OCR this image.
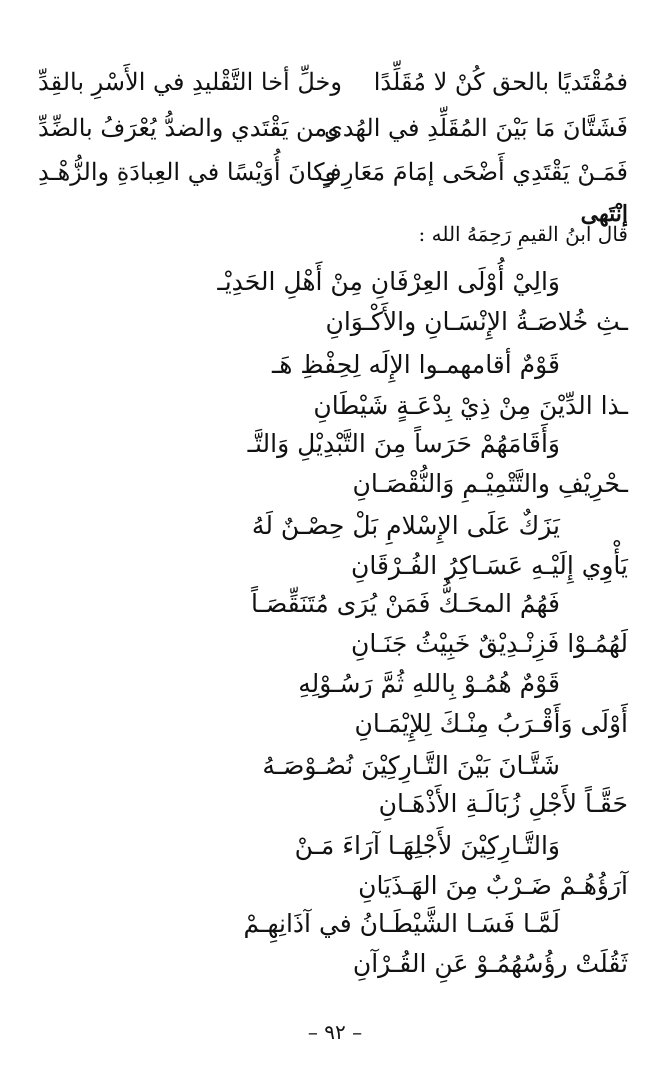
فمُقْتَديًا بالحق كُنْ لا مُقَلِّدًا
وخلِّ أخا التَّقْليدِ في الأَسْرِ بالقِدِّ
فَشَتَّانَ مَا بَيْنَ المُقَلِّدِ في الهُدى
ومن يَقْتَدي والضدُّ يُعْرَفُ بالضِّدِّ
فَمَـنْ يَقْتَدِي أَضْحَى إمَامَ مَعَارِفٍ
وكانَ أُوَيْسًا في العِبادَةِ والزُّهْـدِ
إنْتَهى
قال ابنُ القيمِ رَحِمَهُ الله :
وَالِيْ أُوْلَى العِرْفَانِ مِنْ أَهْلِ الحَدِيْـ
ـثِ خُلاصَـةُ الإِنْسَـانِ والأَكْـوَانِ
قَوْمٌ أقامهمـوا الإِلَه لِحِفْظِ هَـ
ـذا الدِّيْنَ مِنْ ذِيْ بِدْعَـةٍ شَيْطَانِ
وَأَقَامَهُمْ حَرَساً مِنَ التَّبْدِيْلِ وَالتَّـ
ـحْرِيْفِ والتَّتْمِيْـمِ وَالنُّقْصَـانِ
يَزَكٌ عَلَى الإِسْلامِ بَلْ حِصْـنٌ لَهُ
يَأْوِي إِلَيْـهِ عَسَـاكِرُ الفُـرْقَانِ
فَهُمُ المحَـكُّ فَمَنْ يُرَى مُتَنَقِّصَـاً
لَهُمُـوْا فَزِنْـدِيْقٌ خَبِيْثُ جَنَـانِ
قَوْمٌ هُمُـوْ بِاللهِ ثُمَّ رَسُـوْلِهِ
أَوْلَى وَأَقْـرَبُ مِنْـكَ لِلإِيْمَـانِ
شَتَّـانَ بَيْنَ التَّـارِكِيْنَ نُصُـوْصَـهُ
حَقَّـاً لأَجْلِ زُبَالَـةِ الأَذْهَـانِ
وَالتَّـارِكِيْنَ لأَجْلِهَـا آرَاءَ مَـنْ
آرَؤُهُـمْ ضَـرْبٌ مِنَ الهَـذَيَانِ
لَمَّـا فَسَـا الشَّيْطَـانُ في آذَانِهِـمْ
ثَقُلَتْ رؤُسُهُمُـوْ عَنِ القُـرْآنِ
– ٩٢ –
